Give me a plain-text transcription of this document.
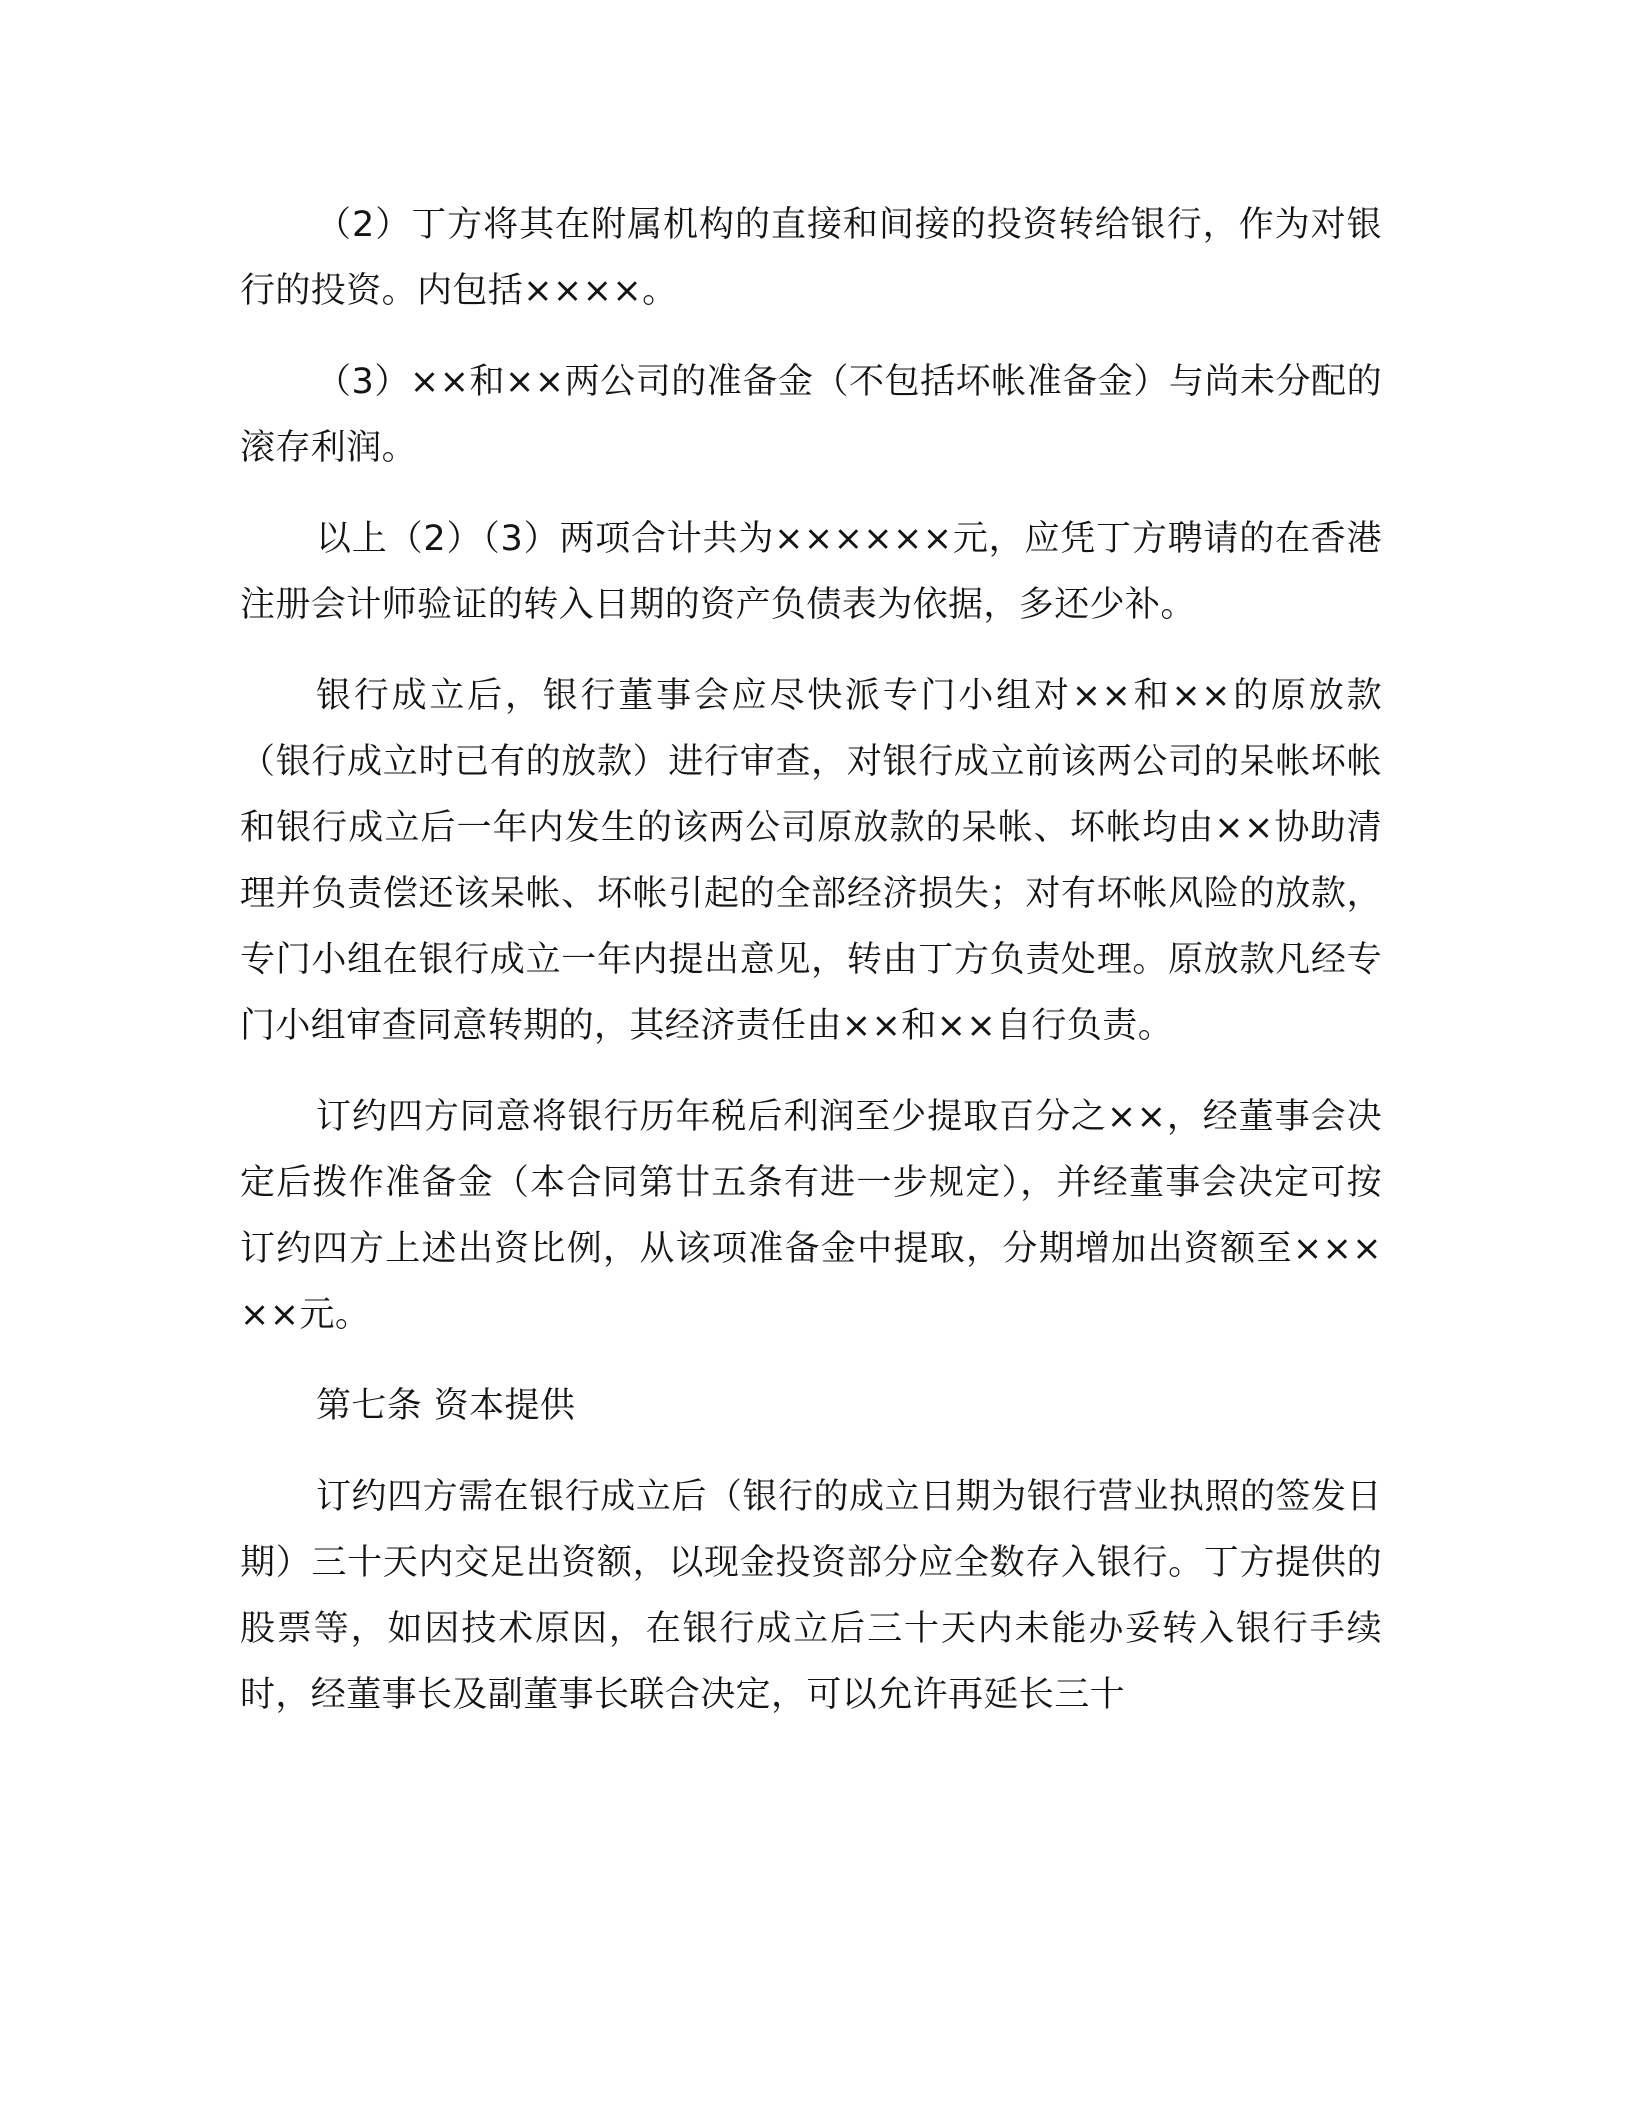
（2）丁方将其在附属机构的直接和间接的投资转给银行，作为对银行的投资。内包括××××。

（3）××和××两公司的准备金（不包括坏帐准备金）与尚未分配的滚存利润。

以上（2）（3）两项合计共为××××××元，应凭丁方聘请的在香港注册会计师验证的转入日期的资产负债表为依据，多还少补。

银行成立后，银行董事会应尽快派专门小组对××和××的原放款（银行成立时已有的放款）进行审查，对银行成立前该两公司的呆帐坏帐和银行成立后一年内发生的该两公司原放款的呆帐、坏帐均由××协助清理并负责偿还该呆帐、坏帐引起的全部经济损失；对有坏帐风险的放款，专门小组在银行成立一年内提出意见，转由丁方负责处理。原放款凡经专门小组审查同意转期的，其经济责任由××和××自行负责。

订约四方同意将银行历年税后利润至少提取百分之××，经董事会决定后拨作准备金（本合同第廿五条有进一步规定），并经董事会决定可按订约四方上述出资比例，从该项准备金中提取，分期增加出资额至×××××元。

第七条 资本提供

订约四方需在银行成立后（银行的成立日期为银行营业执照的签发日期）三十天内交足出资额，以现金投资部分应全数存入银行。丁方提供的股票等，如因技术原因，在银行成立后三十天内未能办妥转入银行手续时，经董事长及副董事长联合决定，可以允许再延长三十
